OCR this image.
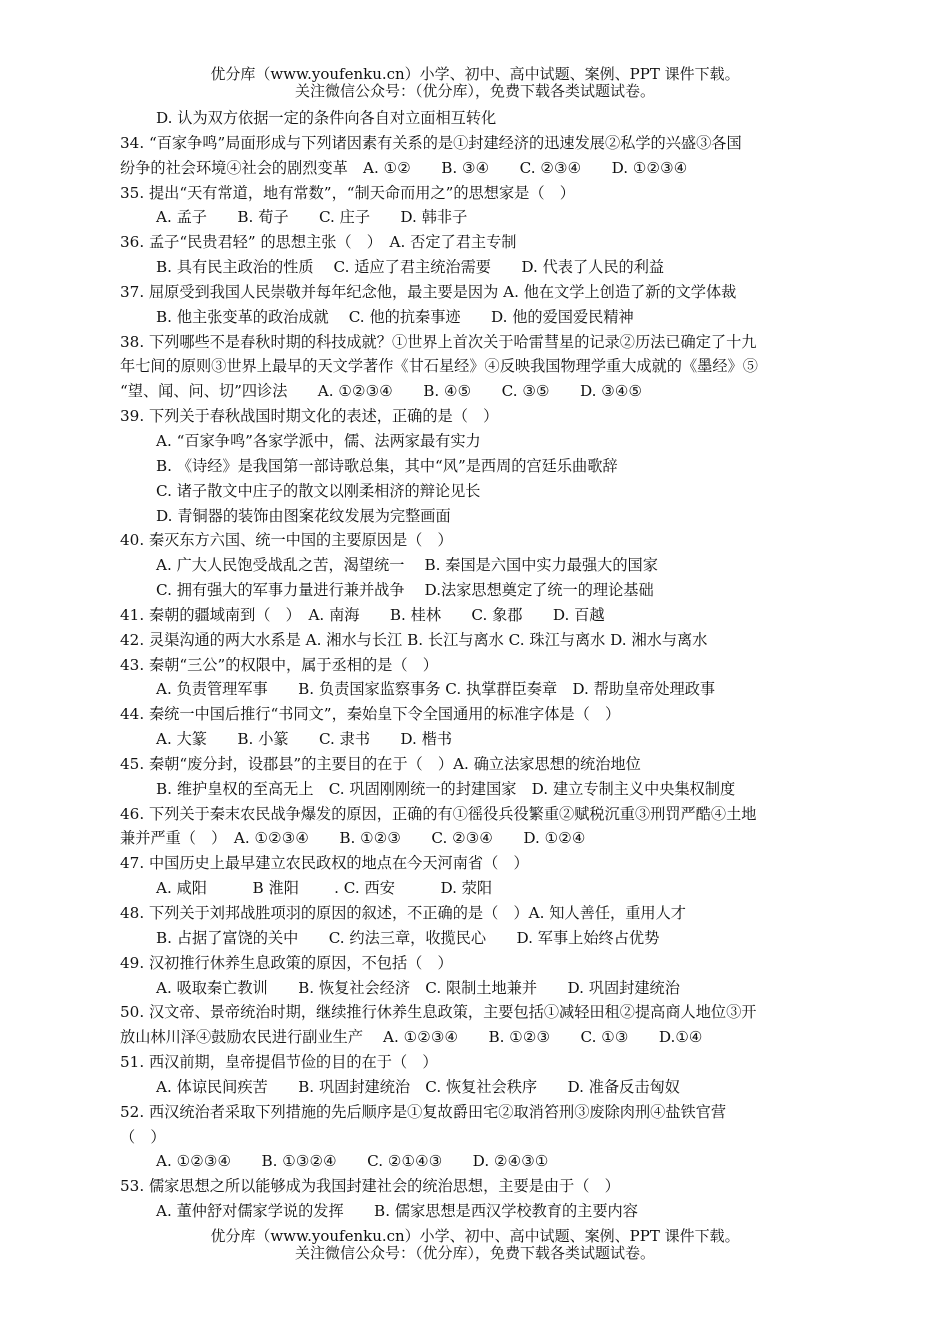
优分库（www.youfenku.cn）小学、初中、高中试题、案例、PPT 课件下载。
关注微信公众号：（优分库），免费下载各类试题试卷。
D. 认为双方依据一定的条件向各自对立面相互转化
34. “百家争鸣”局面形成与下列诸因素有关系的是①封建经济的迅速发展②私学的兴盛③各国
纷争的社会环境④社会的剧烈变革　A. ①②　　B. ③④　　C. ②③④　　D. ①②③④
35. 提出“天有常道，地有常数”，“制天命而用之”的思想家是（　）
A. 孟子　　B. 荀子　　C. 庄子　　D. 韩非子
36. 孟子“民贵君轻” 的思想主张（　）　A. 否定了君主专制
B. 具有民主政治的性质　 C. 适应了君主统治需要　　D. 代表了人民的利益
37. 屈原受到我国人民崇敬并每年纪念他，最主要是因为 A. 他在文学上创造了新的文学体裁
B. 他主张变革的政治成就　 C. 他的抗秦事迹　　D. 他的爱国爱民精神
38. 下列哪些不是春秋时期的科技成就？①世界上首次关于哈雷彗星的记录②历法已确定了十九
年七间的原则③世界上最早的天文学著作《甘石星经》④反映我国物理学重大成就的《墨经》⑤
“望、闻、问、切”四诊法　　A. ①②③④　　B. ④⑤　　C. ③⑤　　D. ③④⑤
39. 下列关于春秋战国时期文化的表述，正确的是（　）
A. “百家争鸣”各家学派中，儒、法两家最有实力
B. 《诗经》是我国第一部诗歌总集，其中“风”是西周的宫廷乐曲歌辞
C. 诸子散文中庄子的散文以刚柔相济的辩论见长
D. 青铜器的装饰由图案花纹发展为完整画面
40. 秦灭东方六国、统一中国的主要原因是（　）
A. 广大人民饱受战乱之苦，渴望统一　 B. 秦国是六国中实力最强大的国家
C. 拥有强大的军事力量进行兼并战争　 D.法家思想奠定了统一的理论基础
41. 秦朝的疆域南到（　）　A. 南海　　B. 桂林　　C. 象郡　　D. 百越
42. 灵渠沟通的两大水系是 A. 湘水与长江 B. 长江与离水 C. 珠江与离水 D. 湘水与离水
43. 秦朝“三公”的权限中，属于丞相的是（　）
A. 负责管理军事　　B. 负责国家监察事务 C. 执掌群臣奏章　D. 帮助皇帝处理政事
44. 秦统一中国后推行“书同文”，秦始皇下令全国通用的标准字体是（　）
A. 大篆　　B. 小篆　　C. 隶书　　D. 楷书
45. 秦朝“废分封，设郡县”的主要目的在于（　）A. 确立法家思想的统治地位
B. 维护皇权的至高无上　C. 巩固刚刚统一的封建国家　D. 建立专制主义中央集权制度
46. 下列关于秦末农民战争爆发的原因，正确的有①徭役兵役繁重②赋税沉重③刑罚严酷④土地
兼并严重（　）　A. ①②③④　　B. ①②③　　C. ②③④　　D. ①②④
47. 中国历史上最早建立农民政权的地点在今天河南省（　）
A. 咸阳　　　B 淮阳　　 . C. 西安　　　D. 荥阳
48. 下列关于刘邦战胜项羽的原因的叙述，不正确的是（　）A. 知人善任，重用人才
B. 占据了富饶的关中　　C. 约法三章，收揽民心　　D. 军事上始终占优势
49. 汉初推行休养生息政策的原因，不包括（　）
A. 吸取秦亡教训　　B. 恢复社会经济　C. 限制土地兼并　　D. 巩固封建统治
50. 汉文帝、景帝统治时期，继续推行休养生息政策，主要包括①减轻田租②提高商人地位③开
放山林川泽④鼓励农民进行副业生产　 A. ①②③④　　B. ①②③　　C. ①③　　D.①④
51. 西汉前期，皇帝提倡节俭的目的在于（　）
A. 体谅民间疾苦　　B. 巩固封建统治　C. 恢复社会秩序　　D. 准备反击匈奴
52. 西汉统治者采取下列措施的先后顺序是①复故爵田宅②取消笞刑③废除肉刑④盐铁官营
（　）
A. ①②③④　　B. ①③②④　　C. ②①④③　　D. ②④③①
53. 儒家思想之所以能够成为我国封建社会的统治思想，主要是由于（　）
A. 董仲舒对儒家学说的发挥　　B. 儒家思想是西汉学校教育的主要内容
优分库（www.youfenku.cn）小学、初中、高中试题、案例、PPT 课件下载。
关注微信公众号：（优分库），免费下载各类试题试卷。
